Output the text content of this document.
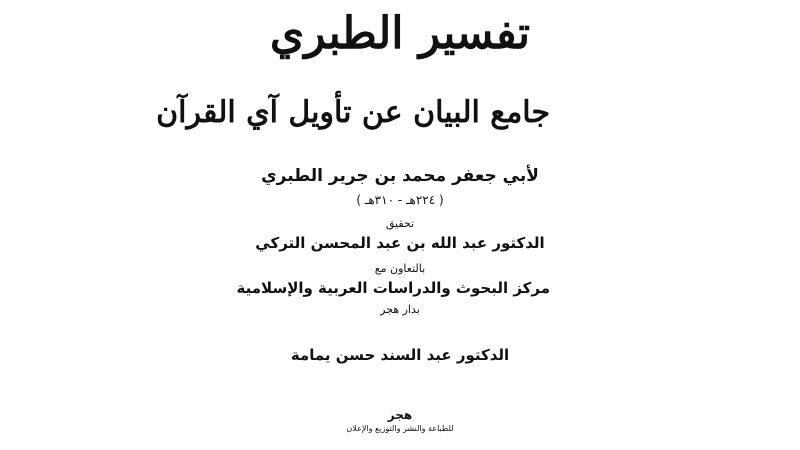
تفسير الطبري
جامع البيان عن تأويل آي القرآن
لأبي جعفر محمد بن جرير الطبري
( ٢٢٤هـ - ٣١٠هـ )
تحقيق
الدكتور عبد الله بن عبد المحسن التركي
بالتعاون مع
مركز البحوث والدراسات العربية والإسلامية
بدار هجر
الدكتور عبد السند حسن يمامة
هجر
للطباعة والنشر والتوزيع والإعلان
